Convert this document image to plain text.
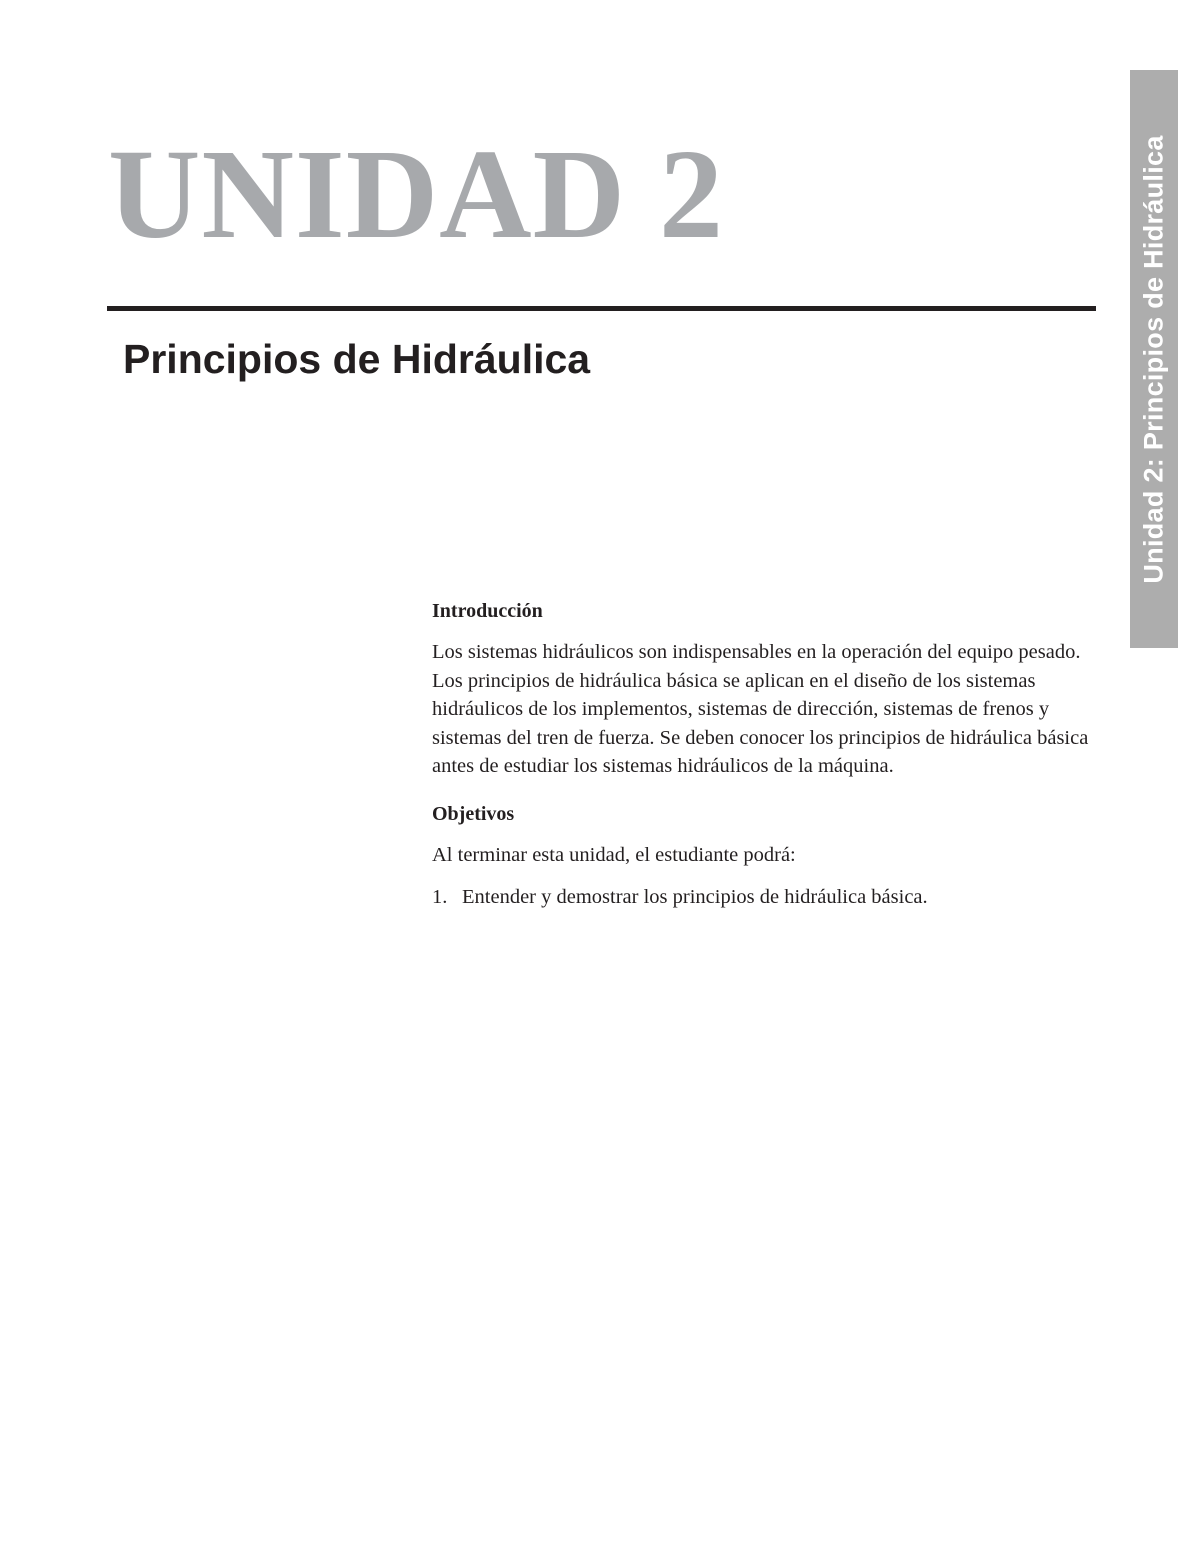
Unidad 2: Principios de Hidráulica
UNIDAD 2
Principios de Hidráulica
Introducción

Los sistemas hidráulicos son indispensables en la operación del equipo pesado. Los principios de hidráulica básica se aplican en el diseño de los sistemas hidráulicos de los implementos, sistemas de dirección, sistemas de frenos y sistemas del tren de fuerza. Se deben conocer los principios de hidráulica básica antes de estudiar los sistemas hidráulicos de la máquina.

Objetivos

Al terminar esta unidad, el estudiante podrá:

1. Entender y demostrar los principios de hidráulica básica.
